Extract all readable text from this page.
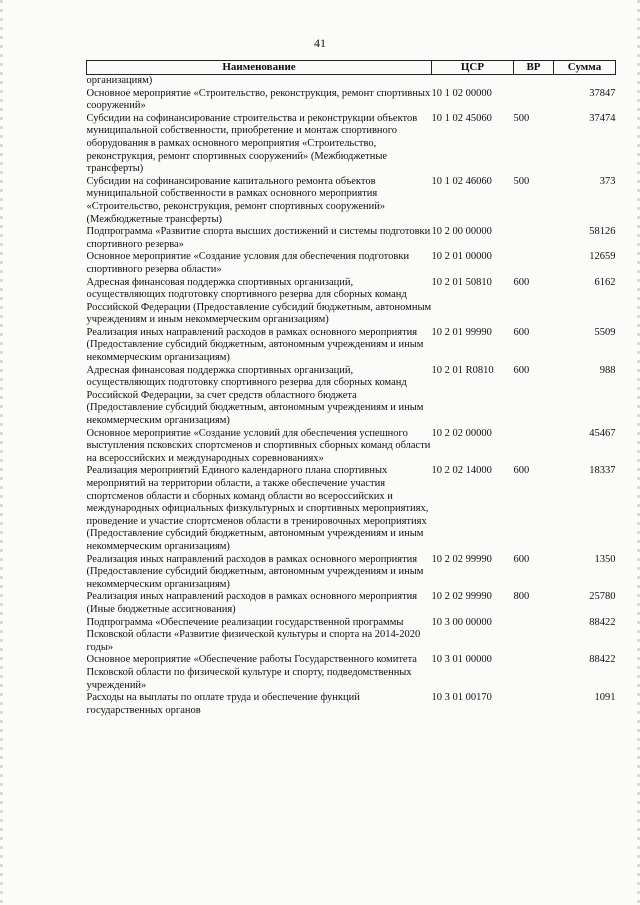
41
Наименование	ЦСР	ВР	Сумма
организациям)			
Основное мероприятие «Строительство, реконструкция, ремонт спортивных сооружений»	10 1 02 00000		37847
Субсидии на софинансирование строительства и реконструкции объектов муниципальной собственности, приобретение и монтаж спортивного оборудования в рамках основного мероприятия «Строительство, реконструкция, ремонт спортивных сооружений» (Межбюджетные трансферты)	10 1 02 45060	500	37474
Субсидии на софинансирование капитального ремонта объектов муниципальной собственности в рамках основного мероприятия «Строительство, реконструкция, ремонт спортивных сооружений» (Межбюджетные трансферты)	10 1 02 46060	500	373
Подпрограмма «Развитие спорта высших достижений и системы подготовки спортивного резерва»	10 2 00 00000		58126
Основное мероприятие «Создание условия для обеспечения подготовки спортивного резерва области»	10 2 01 00000		12659
Адресная финансовая поддержка спортивных организаций, осуществляющих подготовку спортивного резерва для сборных команд Российской Федерации (Предоставление субсидий бюджетным, автономным учреждениям и иным некоммерческим организациям)	10 2 01 50810	600	6162
Реализация иных направлений расходов в рамках основного мероприятия (Предоставление субсидий бюджетным, автономным учреждениям и иным некоммерческим организациям)	10 2 01 99990	600	5509
Адресная финансовая поддержка спортивных организаций, осуществляющих подготовку спортивного резерва для сборных команд Российской Федерации, за счет средств областного бюджета (Предоставление субсидий бюджетным, автономным учреждениям и иным некоммерческим организациям)	10 2 01 R0810	600	988
Основное мероприятие «Создание условий для обеспечения успешного выступления псковских спортсменов и спортивных сборных команд области на всероссийских и международных соревнованиях»	10 2 02 00000		45467
Реализация мероприятий Единого календарного плана спортивных мероприятий на территории области, а также обеспечение участия спортсменов области и сборных команд области во всероссийских и международных официальных физкультурных и спортивных мероприятиях, проведение и участие спортсменов области в тренировочных мероприятиях (Предоставление субсидий бюджетным, автономным учреждениям и иным некоммерческим организациям)	10 2 02 14000	600	18337
Реализация иных направлений расходов в рамках основного мероприятия (Предоставление субсидий бюджетным, автономным учреждениям и иным некоммерческим организациям)	10 2 02 99990	600	1350
Реализация иных направлений расходов в рамках основного мероприятия (Иные бюджетные ассигнования)	10 2 02 99990	800	25780
Подпрограмма «Обеспечение реализации государственной программы Псковской области «Развитие физической культуры и спорта на 2014-2020 годы»	10 3 00 00000		88422
Основное мероприятие «Обеспечение работы Государственного комитета Псковской области по физической культуре и спорту, подведомственных учреждений»	10 3 01 00000		88422
Расходы на выплаты по оплате труда и обеспечение функций государственных органов	10 3 01 00170		1091
